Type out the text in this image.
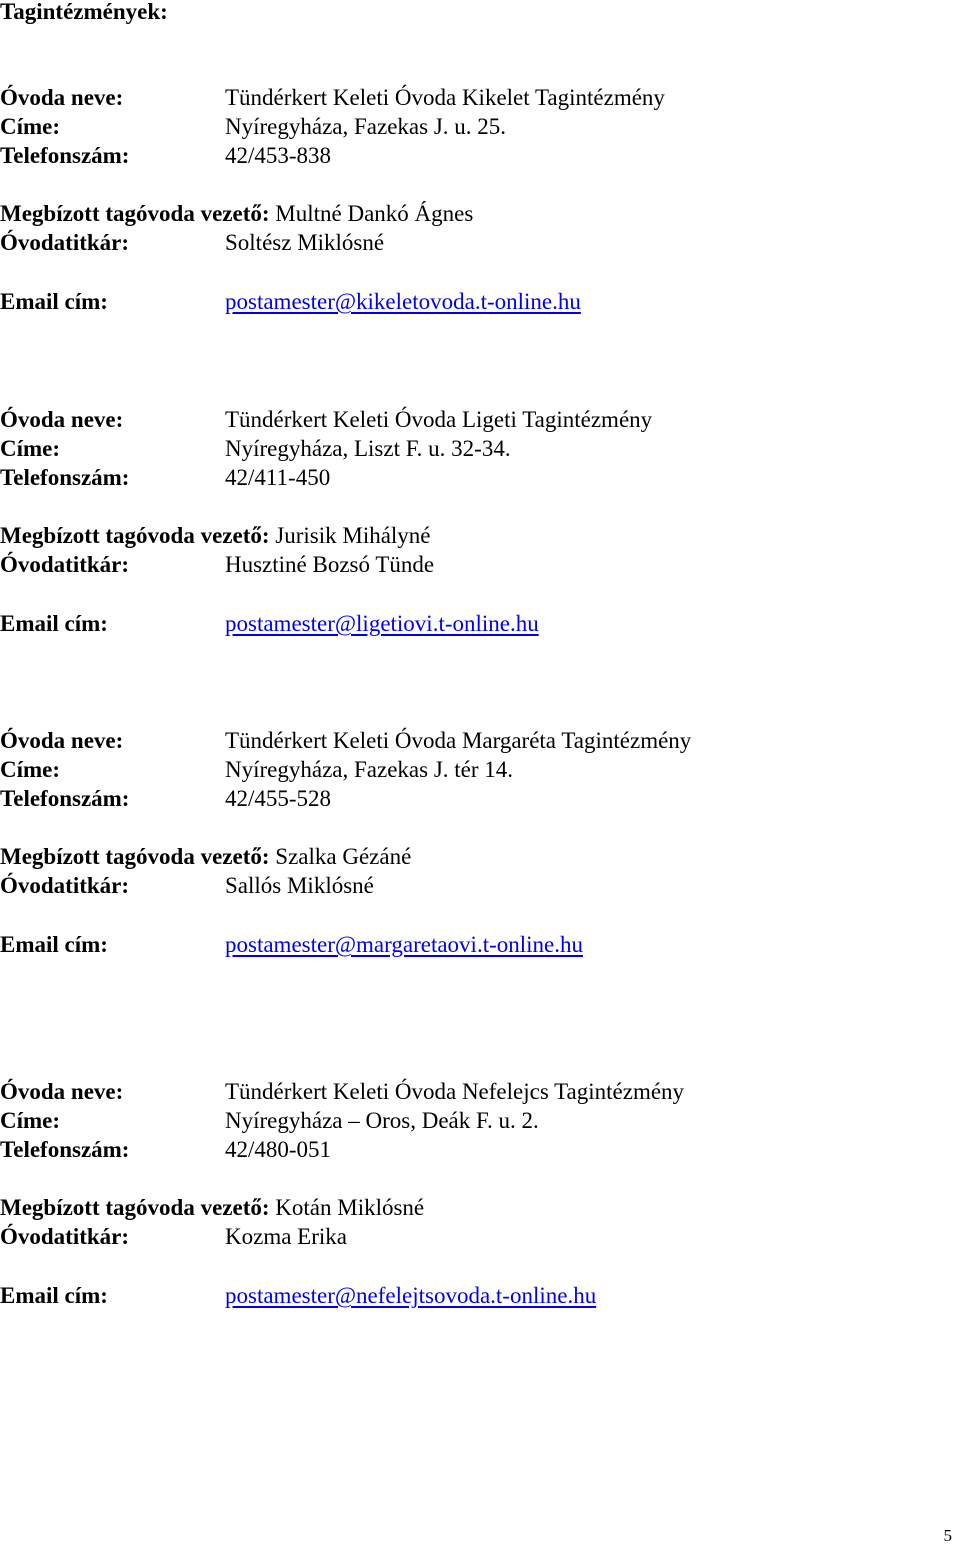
Tagintézmények:
Óvoda neve:	Tündérkert Keleti Óvoda Kikelet Tagintézmény
Címe:	Nyíregyháza, Fazekas J. u. 25.
Telefonszám:	42/453-838
Megbízott tagóvoda vezető: Multné Dankó Ágnes
Óvodatitkár:	Soltész Miklósné
Email cím:	postamester@kikeletovoda.t-online.hu
Óvoda neve:	Tündérkert Keleti Óvoda Ligeti Tagintézmény
Címe:	Nyíregyháza, Liszt F. u. 32-34.
Telefonszám:	42/411-450
Megbízott tagóvoda vezető: Jurisik Mihályné
Óvodatitkár:	Husztiné Bozsó Tünde
Email cím:	postamester@ligetiovi.t-online.hu
Óvoda neve:	Tündérkert Keleti Óvoda Margaréta Tagintézmény
Címe:	Nyíregyháza, Fazekas J. tér 14.
Telefonszám:	42/455-528
Megbízott tagóvoda vezető: Szalka Gézáné
Óvodatitkár:	Sallós Miklósné
Email cím:	postamester@margaretaovi.t-online.hu
Óvoda neve:	Tündérkert Keleti Óvoda Nefelejcs Tagintézmény
Címe:	Nyíregyháza – Oros, Deák F. u. 2.
Telefonszám:	42/480-051
Megbízott tagóvoda vezető: Kotán Miklósné
Óvodatitkár:	Kozma Erika
Email cím:	postamester@nefelejtsovoda.t-online.hu
5
